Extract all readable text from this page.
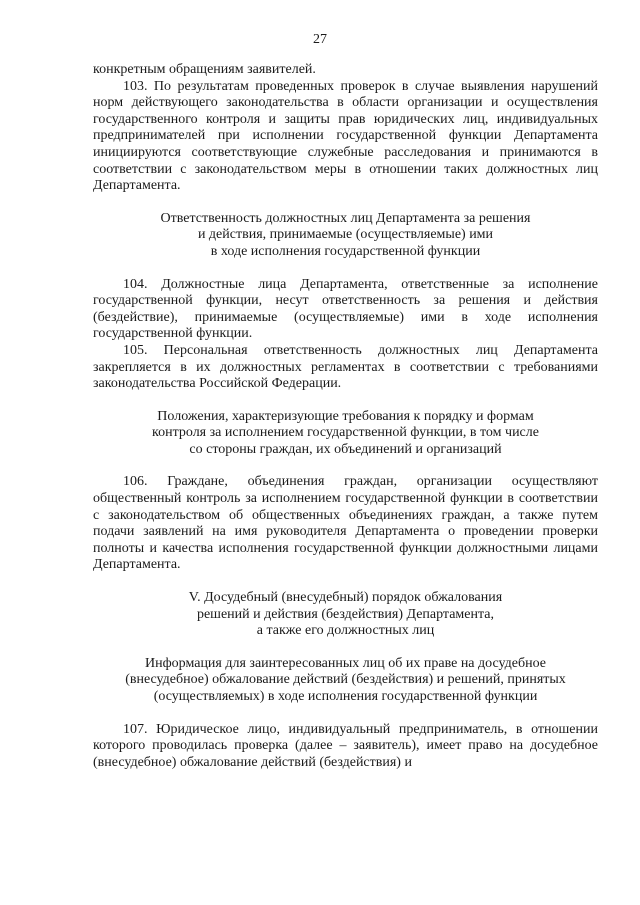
27

конкретным обращениям заявителей.

103. По результатам проведенных проверок в случае выявления нарушений норм действующего законодательства в области организации и осуществления государственного контроля и защиты прав юридических лиц, индивидуальных предпринимателей при исполнении государственной функции Департамента инициируются соответствующие служебные расследования и принимаются в соответствии с законодательством меры в отношении таких должностных лиц Департамента.

Ответственность должностных лиц Департамента за решения
и действия, принимаемые (осуществляемые) ими
в ходе исполнения государственной функции

104. Должностные лица Департамента, ответственные за исполнение государственной функции, несут ответственность за решения и действия (бездействие), принимаемые (осуществляемые) ими в ходе исполнения государственной функции.

105. Персональная ответственность должностных лиц Департамента закрепляется в их должностных регламентах в соответствии с требованиями законодательства Российской Федерации.

Положения, характеризующие требования к порядку и формам
контроля за исполнением государственной функции, в том числе
со стороны граждан, их объединений и организаций

106. Граждане, объединения граждан, организации осуществляют общественный контроль за исполнением государственной функции в соответствии с законодательством об общественных объединениях граждан, а также путем подачи заявлений на имя руководителя Департамента о проведении проверки полноты и качества исполнения государственной функции должностными лицами Департамента.

V. Досудебный (внесудебный) порядок обжалования
решений и действия (бездействия) Департамента,
а также его должностных лиц
Информация для заинтересованных лиц об их праве на досудебное
(внесудебное) обжалование действий (бездействия) и решений, принятых
(осуществляемых) в ходе исполнения государственной функции

107. Юридическое лицо, индивидуальный предприниматель, в отношении которого проводилась проверка (далее – заявитель), имеет право на досудебное (внесудебное) обжалование действий (бездействия) и
